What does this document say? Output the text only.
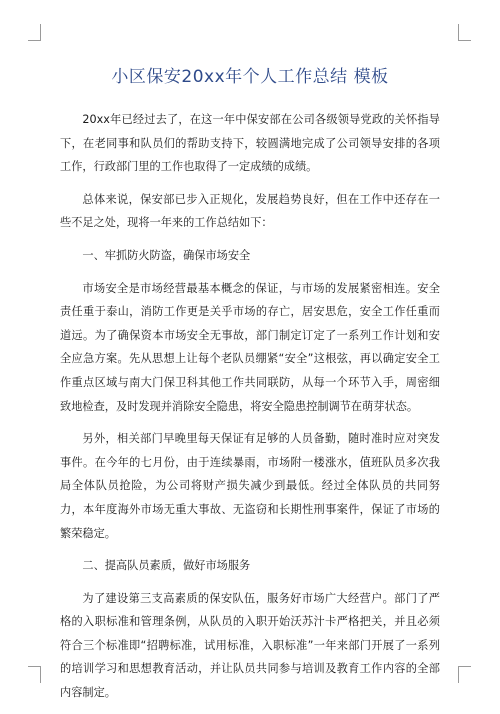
小区保安20xx年个人工作总结 模板

20xx年已经过去了，在这一年中保安部在公司各级领导党政的关怀指导下，在老同事和队员们的帮助支持下，较圆满地完成了公司领导安排的各项工作，行政部门里的工作也取得了一定成绩的成绩。

总体来说，保安部已步入正规化，发展趋势良好，但在工作中还存在一些不足之处，现将一年来的工作总结如下：

一、牢抓防火防盗，确保市场安全

市场安全是市场经营最基本概念的保证，与市场的发展紧密相连。安全责任重于泰山，消防工作更是关乎市场的存亡，居安思危，安全工作任重而道远。为了确保资本市场安全无事故，部门制定订定了一系列工作计划和安全应急方案。先从思想上让每个老队员绷紧“安全”这根弦，再以确定安全工作重点区域与南大门保卫科其他工作共同联防，从每一个环节入手，周密细致地检查，及时发现并消除安全隐患，将安全隐患控制调节在萌芽状态。

另外，相关部门早晚里每天保证有足够的人员备勤，随时准时应对突发事件。在今年的七月份，由于连续暴雨，市场附一楼涨水，值班队员多次我局全体队员抢险，为公司将财产损失减少到最低。经过全体队员的共同努力，本年度海外市场无重大事故、无盗窃和长期性刑事案件，保证了市场的繁荣稳定。

二、提高队员素质，做好市场服务

为了建设第三支高素质的保安队伍，服务好市场广大经营户。部门了严格的入职标准和管理条例，从队员的入职开始沃苏汁卡严格把关，并且必须符合三个标准即“招聘标准，试用标准，入职标准”一年来部门开展了一系列的培训学习和思想教育活动，并让队员共同参与培训及教育工作内容的全部内容制定。
